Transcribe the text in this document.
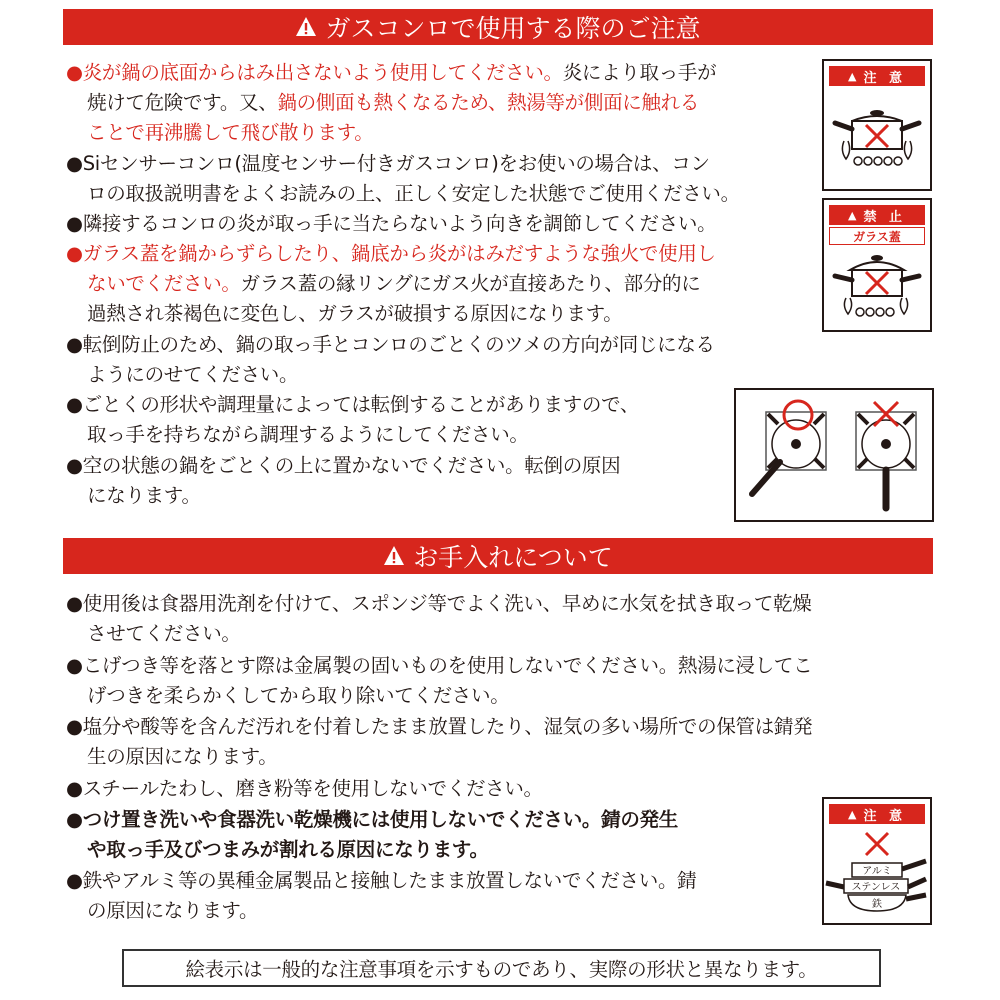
ガスコンロで使用する際のご注意
●炎が鍋の底面からはみ出さないよう使用してください。炎により取っ手が
焼けて危険です。又、鍋の側面も熱くなるため、熱湯等が側面に触れる
ことで再沸騰して飛び散ります。
●Siセンサーコンロ(温度センサー付きガスコンロ)をお使いの場合は、コン
ロの取扱説明書をよくお読みの上、正しく安定した状態でご使用ください。
●隣接するコンロの炎が取っ手に当たらないよう向きを調節してください。
●ガラス蓋を鍋からずらしたり、鍋底から炎がはみだすような強火で使用し
ないでください。ガラス蓋の縁リングにガス火が直接あたり、部分的に
過熱され茶褐色に変色し、ガラスが破損する原因になります。
●転倒防止のため、鍋の取っ手とコンロのごとくのツメの方向が同じになる
ようにのせてください。
●ごとくの形状や調理量によっては転倒することがありますので、
取っ手を持ちながら調理するようにしてください。
●空の状態の鍋をごとくの上に置かないでください。転倒の原因
になります。
▲ 注 意
▲ 禁 止
ガラス蓋
お手入れについて
●使用後は食器用洗剤を付けて、スポンジ等でよく洗い、早めに水気を拭き取って乾燥
させてください。
●こげつき等を落とす際は金属製の固いものを使用しないでください。熱湯に浸してこ
げつきを柔らかくしてから取り除いてください。
●塩分や酸等を含んだ汚れを付着したまま放置したり、湿気の多い場所での保管は錆発
生の原因になります。
●スチールたわし、磨き粉等を使用しないでください。
●つけ置き洗いや食器洗い乾燥機には使用しないでください。錆の発生
や取っ手及びつまみが割れる原因になります。
●鉄やアルミ等の異種金属製品と接触したまま放置しないでください。錆
の原因になります。
▲ 注 意
アルミ
ステンレス
鉄
絵表示は一般的な注意事項を示すものであり、実際の形状と異なります。
